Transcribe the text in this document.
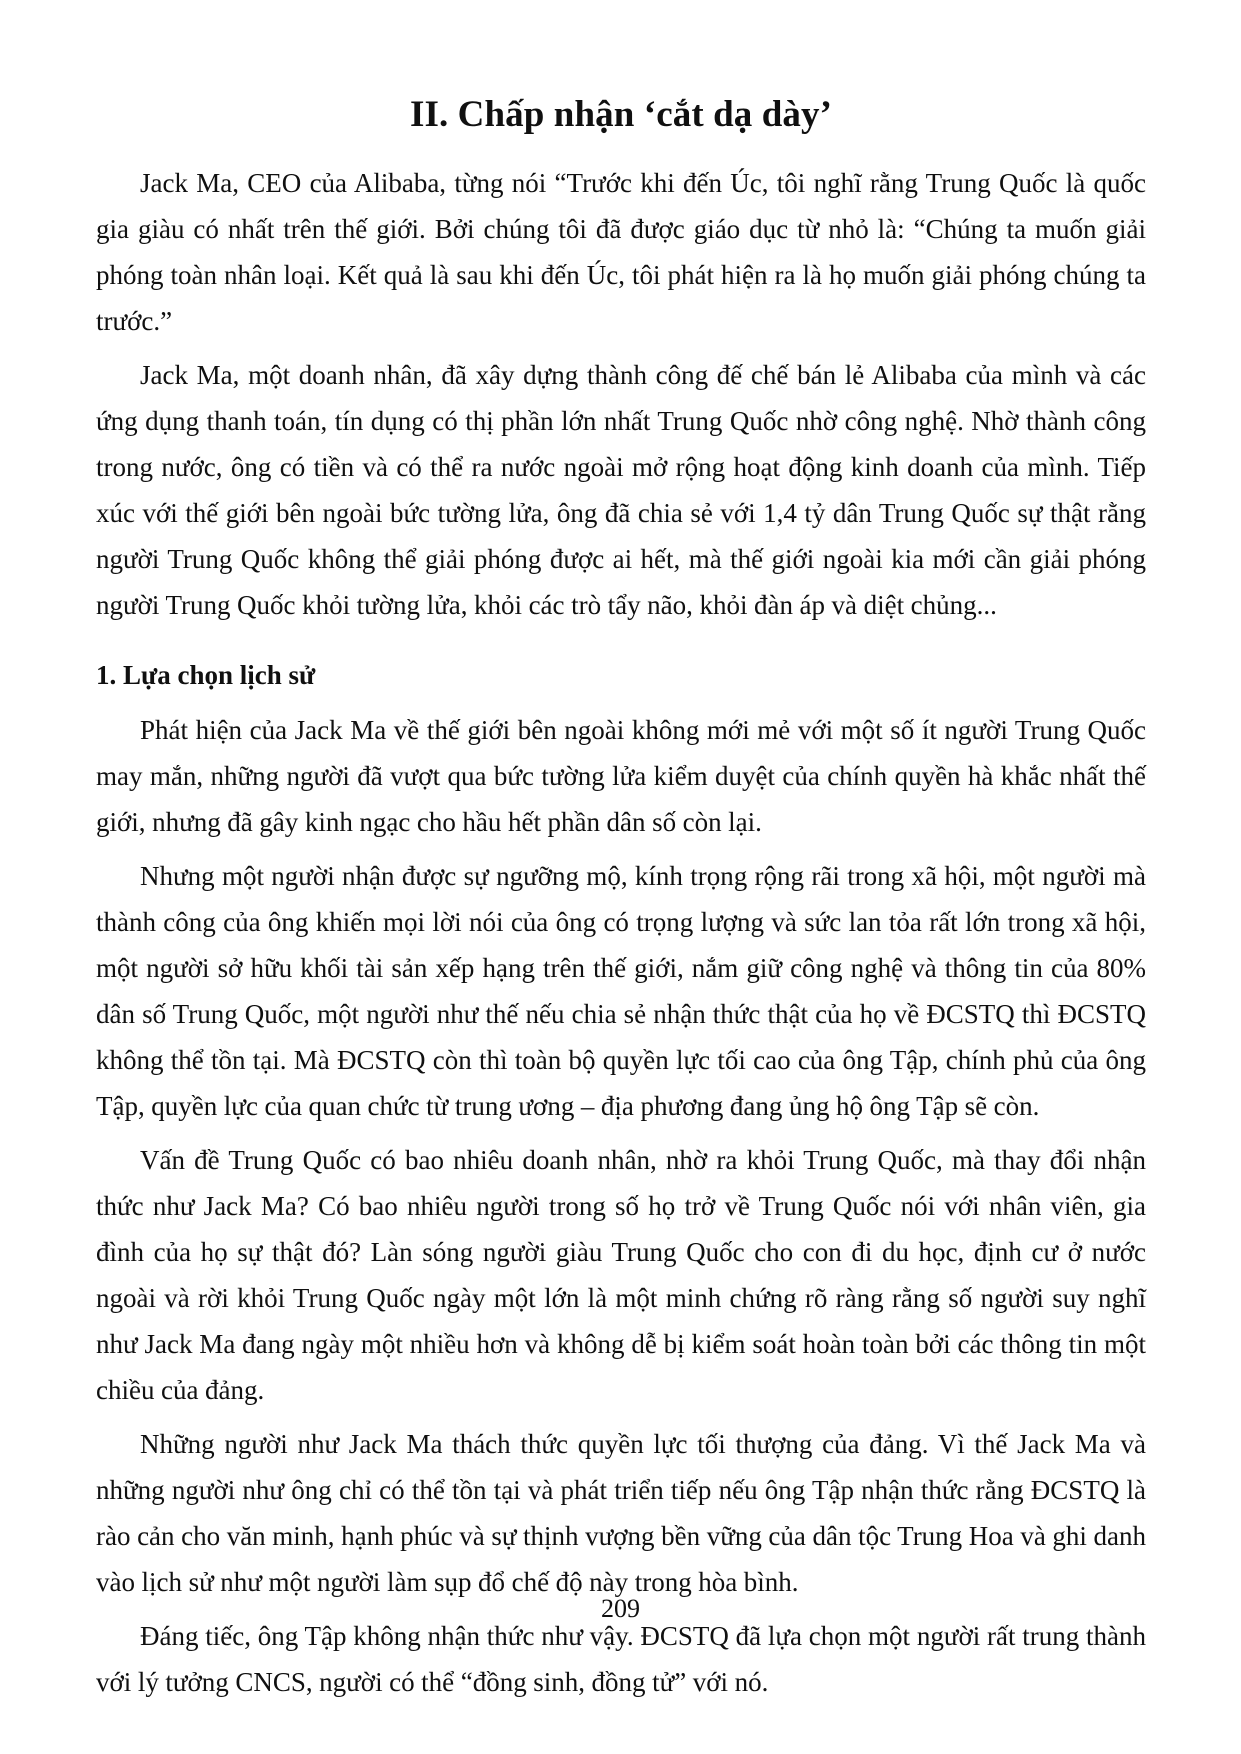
II. Chấp nhận ‘cắt dạ dày’

Jack Ma, CEO của Alibaba, từng nói “Trước khi đến Úc, tôi nghĩ rằng Trung Quốc là quốc gia giàu có nhất trên thế giới. Bởi chúng tôi đã được giáo dục từ nhỏ là: “Chúng ta muốn giải phóng toàn nhân loại. Kết quả là sau khi đến Úc, tôi phát hiện ra là họ muốn giải phóng chúng ta trước.”

Jack Ma, một doanh nhân, đã xây dựng thành công đế chế bán lẻ Alibaba của mình và các ứng dụng thanh toán, tín dụng có thị phần lớn nhất Trung Quốc nhờ công nghệ. Nhờ thành công trong nước, ông có tiền và có thể ra nước ngoài mở rộng hoạt động kinh doanh của mình. Tiếp xúc với thế giới bên ngoài bức tường lửa, ông đã chia sẻ với 1,4 tỷ dân Trung Quốc sự thật rằng người Trung Quốc không thể giải phóng được ai hết, mà thế giới ngoài kia mới cần giải phóng người Trung Quốc khỏi tường lửa, khỏi các trò tẩy não, khỏi đàn áp và diệt chủng...

1. Lựa chọn lịch sử

Phát hiện của Jack Ma về thế giới bên ngoài không mới mẻ với một số ít người Trung Quốc may mắn, những người đã vượt qua bức tường lửa kiểm duyệt của chính quyền hà khắc nhất thế giới, nhưng đã gây kinh ngạc cho hầu hết phần dân số còn lại.

Nhưng một người nhận được sự ngưỡng mộ, kính trọng rộng rãi trong xã hội, một người mà thành công của ông khiến mọi lời nói của ông có trọng lượng và sức lan tỏa rất lớn trong xã hội, một người sở hữu khối tài sản xếp hạng trên thế giới, nắm giữ công nghệ và thông tin của 80% dân số Trung Quốc, một người như thế nếu chia sẻ nhận thức thật của họ về ĐCSTQ thì ĐCSTQ không thể tồn tại. Mà ĐCSTQ còn thì toàn bộ quyền lực tối cao của ông Tập, chính phủ của ông Tập, quyền lực của quan chức từ trung ương – địa phương đang ủng hộ ông Tập sẽ còn.

Vấn đề Trung Quốc có bao nhiêu doanh nhân, nhờ ra khỏi Trung Quốc, mà thay đổi nhận thức như Jack Ma? Có bao nhiêu người trong số họ trở về Trung Quốc nói với nhân viên, gia đình của họ sự thật đó? Làn sóng người giàu Trung Quốc cho con đi du học, định cư ở nước ngoài và rời khỏi Trung Quốc ngày một lớn là một minh chứng rõ ràng rằng số người suy nghĩ như Jack Ma đang ngày một nhiều hơn và không dễ bị kiểm soát hoàn toàn bởi các thông tin một chiều của đảng.

Những người như Jack Ma thách thức quyền lực tối thượng của đảng. Vì thế Jack Ma và những người như ông chỉ có thể tồn tại và phát triển tiếp nếu ông Tập nhận thức rằng ĐCSTQ là rào cản cho văn minh, hạnh phúc và sự thịnh vượng bền vững của dân tộc Trung Hoa và ghi danh vào lịch sử như một người làm sụp đổ chế độ này trong hòa bình.

Đáng tiếc, ông Tập không nhận thức như vậy. ĐCSTQ đã lựa chọn một người rất trung thành với lý tưởng CNCS, người có thể “đồng sinh, đồng tử” với nó.

209
